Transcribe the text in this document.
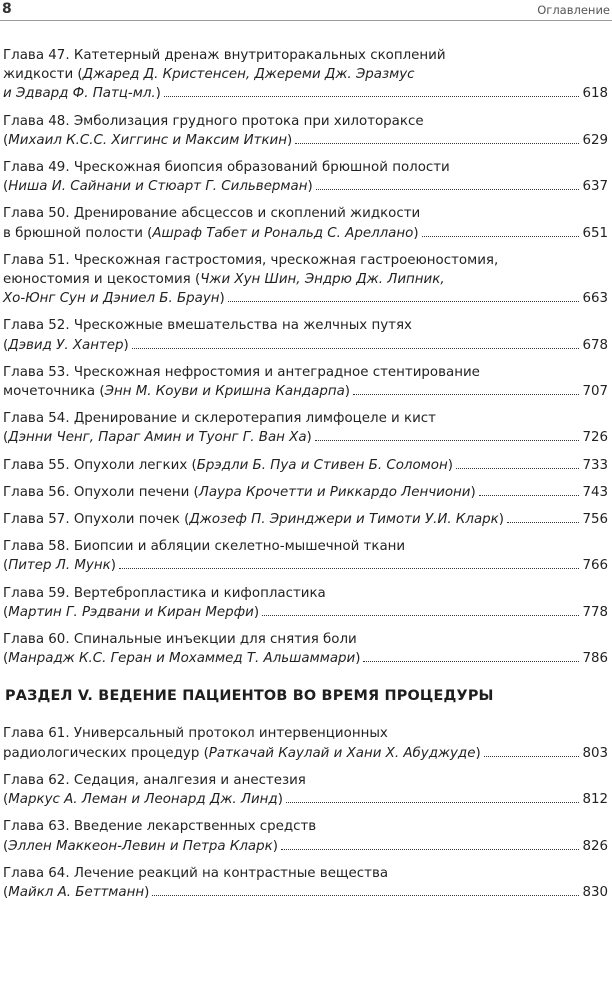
8	Оглавление
Глава 47. Катетерный дренаж внутриторакальных скоплений
жидкости (Джаред Д. Кристенсен, Джереми Дж. Эразмус
и Эдвард Ф. Патц-мл.)	618
Глава 48. Эмболизация грудного протока при хилотораксе
(Михаил К.С.С. Хиггинс и Максим Иткин)	629
Глава 49. Чрескожная биопсия образований брюшной полости
(Ниша И. Сайнани и Стюарт Г. Сильверман)	637
Глава 50. Дренирование абсцессов и скоплений жидкости
в брюшной полости (Ашраф Табет и Рональд С. Ареллано)	651
Глава 51. Чрескожная гастростомия, чрескожная гастроеюностомия,
еюностомия и цекостомия (Чжи Хун Шин, Эндрю Дж. Липник,
Хо-Юнг Сун и Дэниел Б. Браун)	663
Глава 52. Чрескожные вмешательства на желчных путях
(Дэвид У. Хантер)	678
Глава 53. Чрескожная нефростомия и антеградное стентирование
мочеточника (Энн М. Коуви и Кришна Кандарпа)	707
Глава 54. Дренирование и склеротерапия лимфоцеле и кист
(Дэнни Ченг, Параг Амин и Туонг Г. Ван Ха)	726
Глава 55. Опухоли легких (Брэдли Б. Пуа и Стивен Б. Соломон)	733
Глава 56. Опухоли печени (Лаура Крочетти и Риккардо Ленчиони)	743
Глава 57. Опухоли почек (Джозеф П. Эринджери и Тимоти У.И. Кларк)	756
Глава 58. Биопсии и абляции скелетно-мышечной ткани
(Питер Л. Мунк)	766
Глава 59. Вертебропластика и кифопластика
(Мартин Г. Рэдвани и Киран Мерфи)	778
Глава 60. Спинальные инъекции для снятия боли
(Манрадж К.С. Геран и Мохаммед Т. Альшаммари)	786
РАЗДЕЛ V. ВЕДЕНИЕ ПАЦИЕНТОВ ВО ВРЕМЯ ПРОЦЕДУРЫ
Глава 61. Универсальный протокол интервенционных
радиологических процедур (Раткачай Каулай и Хани Х. Абуджуде)	803
Глава 62. Седация, аналгезия и анестезия
(Маркус А. Леман и Леонард Дж. Линд)	812
Глава 63. Введение лекарственных средств
(Эллен Маккеон-Левин и Петра Кларк)	826
Глава 64. Лечение реакций на контрастные вещества
(Майкл А. Беттманн)	830
